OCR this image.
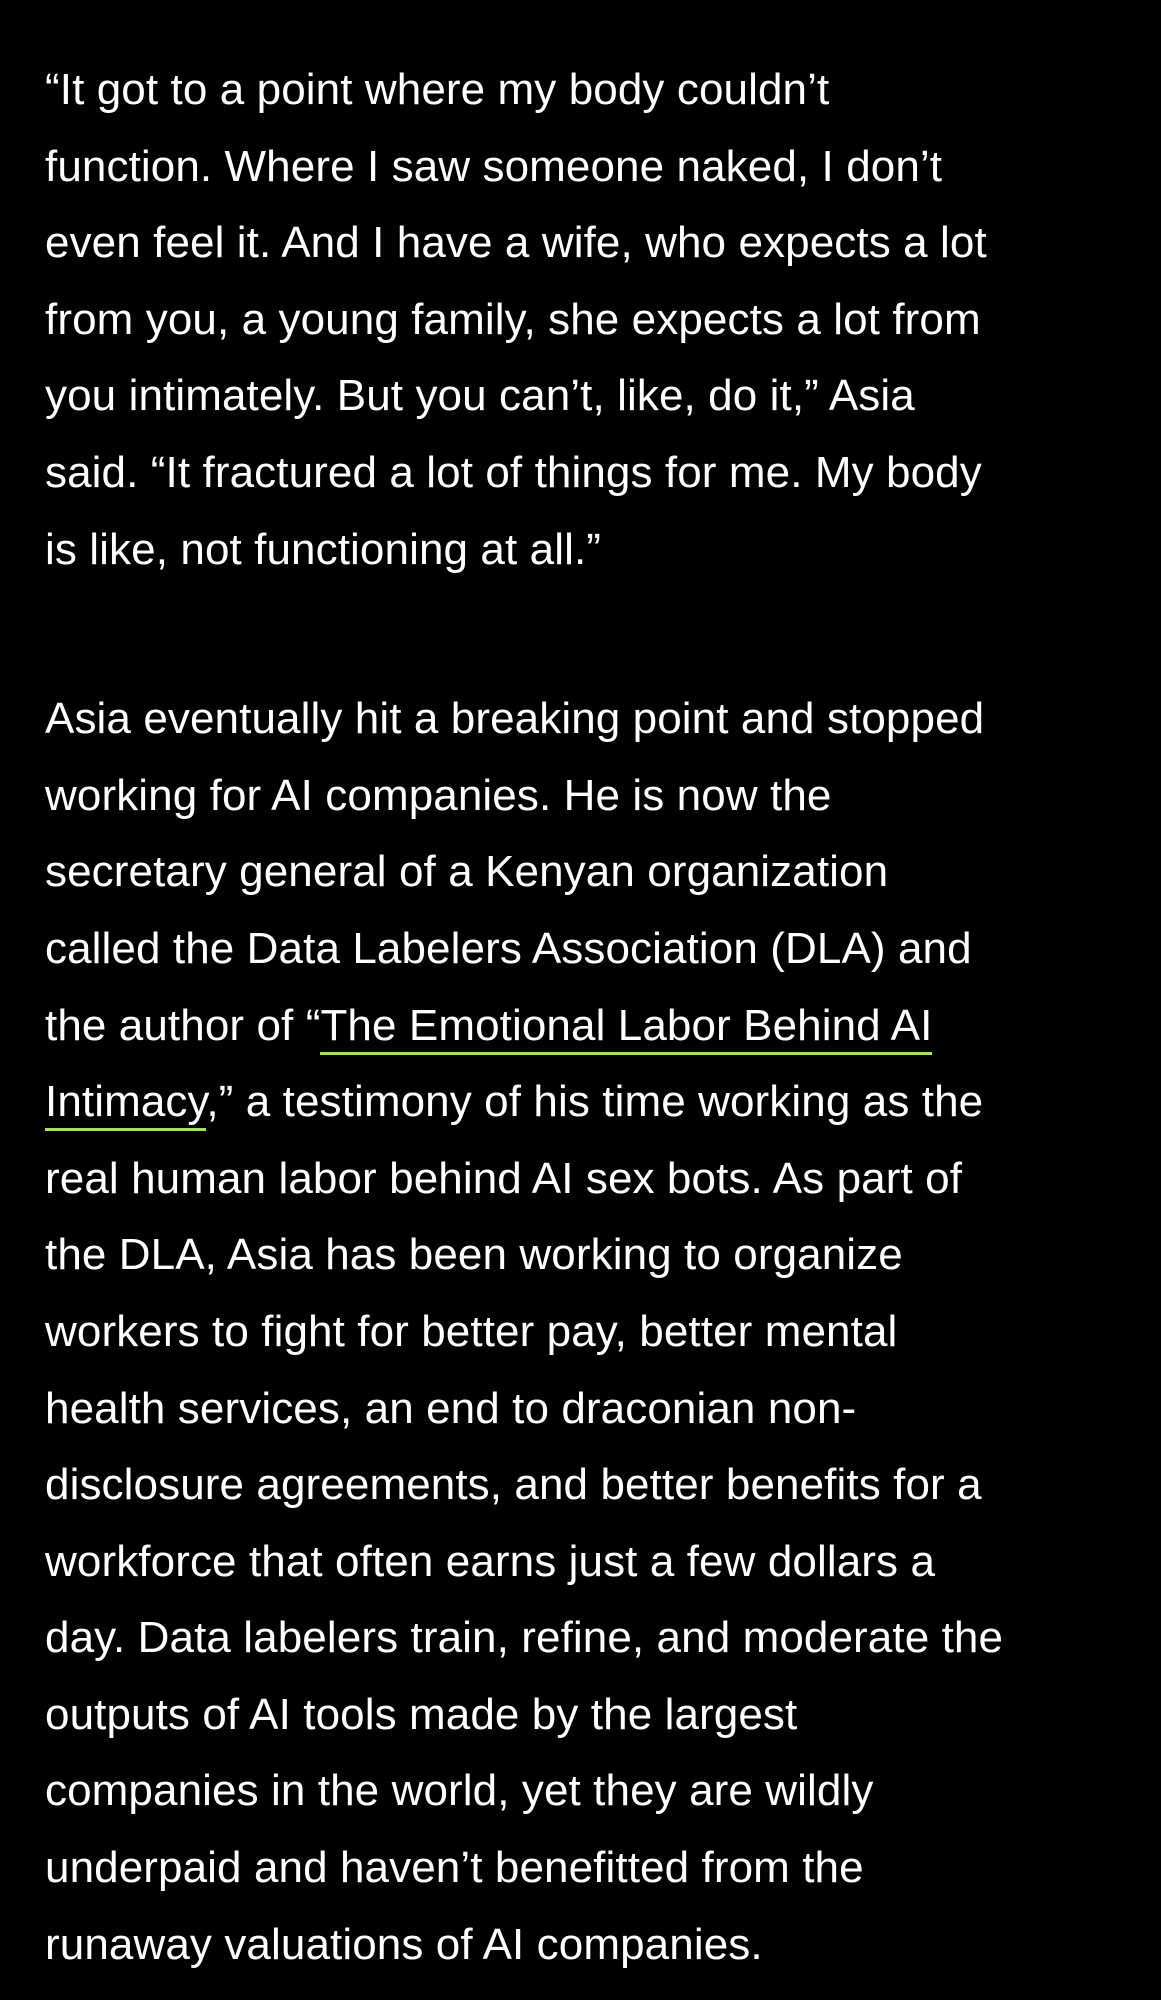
“It got to a point where my body couldn’t
function. Where I saw someone naked, I don’t
even feel it. And I have a wife, who expects a lot
from you, a young family, she expects a lot from
you intimately. But you can’t, like, do it,” Asia
said. “It fractured a lot of things for me. My body
is like, not functioning at all.”
Asia eventually hit a breaking point and stopped
working for AI companies. He is now the
secretary general of a Kenyan organization
called the Data Labelers Association (DLA) and
the author of “The Emotional Labor Behind AI
Intimacy,” a testimony of his time working as the
real human labor behind AI sex bots. As part of
the DLA, Asia has been working to organize
workers to fight for better pay, better mental
health services, an end to draconian non-
disclosure agreements, and better benefits for a
workforce that often earns just a few dollars a
day. Data labelers train, refine, and moderate the
outputs of AI tools made by the largest
companies in the world, yet they are wildly
underpaid and haven’t benefitted from the
runaway valuations of AI companies.
